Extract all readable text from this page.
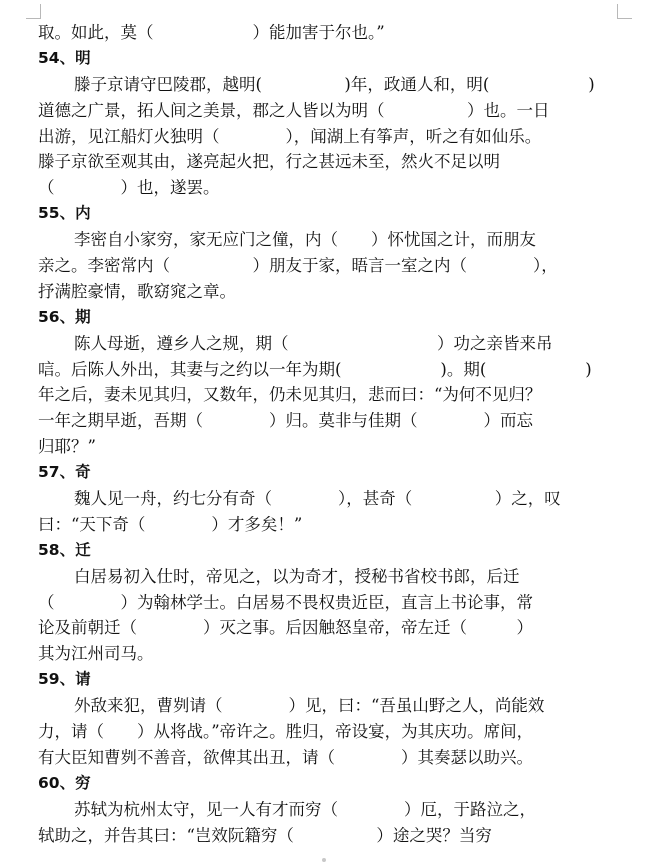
取。如此，莫（　　　　　　）能加害于尔也。”
54、明
滕子京请守巴陵郡，越明(　　　　　)年，政通人和，明(　　　　　　)
道德之广景，拓人间之美景，郡之人皆以为明（　　　　　）也。一日
出游，见江船灯火独明（　　　　），闻湖上有筝声，听之有如仙乐。
滕子京欲至观其由，遂亮起火把，行之甚远未至，然火不足以明
（　　　　）也，遂罢。
55、内
李密自小家穷，家无应门之僮，内（　　）怀忧国之计，而朋友
亲之。李密常内（　　　　　）朋友于家，晤言一室之内（　　　　），
抒满腔豪情，歌窈窕之章。
56、期
陈人母逝，遵乡人之规，期（　　　　　　　　　）功之亲皆来吊
唁。后陈人外出，其妻与之约以一年为期(　　　　　　)。期(　　　　　　)
年之后，妻未见其归，又数年，仍未见其归，悲而曰：“为何不见归？
一年之期早逝，吾期（　　　　）归。莫非与佳期（　　　　）而忘
归耶？”
57、奇
魏人见一舟，约七分有奇（　　　　），甚奇（　　　　　）之，叹
曰：“天下奇（　　　　）才多矣！”
58、迁
白居易初入仕时，帝见之，以为奇才，授秘书省校书郎，后迁
（　　　　）为翰林学士。白居易不畏权贵近臣，直言上书论事，常
论及前朝迁（　　　　）灭之事。后因触怒皇帝，帝左迁（　　　）
其为江州司马。
59、请
外敌来犯，曹刿请（　　　　）见，曰：“吾虽山野之人，尚能效
力，请（　　）从将战。”帝许之。胜归，帝设宴，为其庆功。席间，
有大臣知曹刿不善音，欲俾其出丑，请（　　　　）其奏瑟以助兴。
60、穷
苏轼为杭州太守，见一人有才而穷（　　　　）厄，于路泣之，
轼助之，并告其曰：“岂效阮籍穷（　　　　　）途之哭？当穷
